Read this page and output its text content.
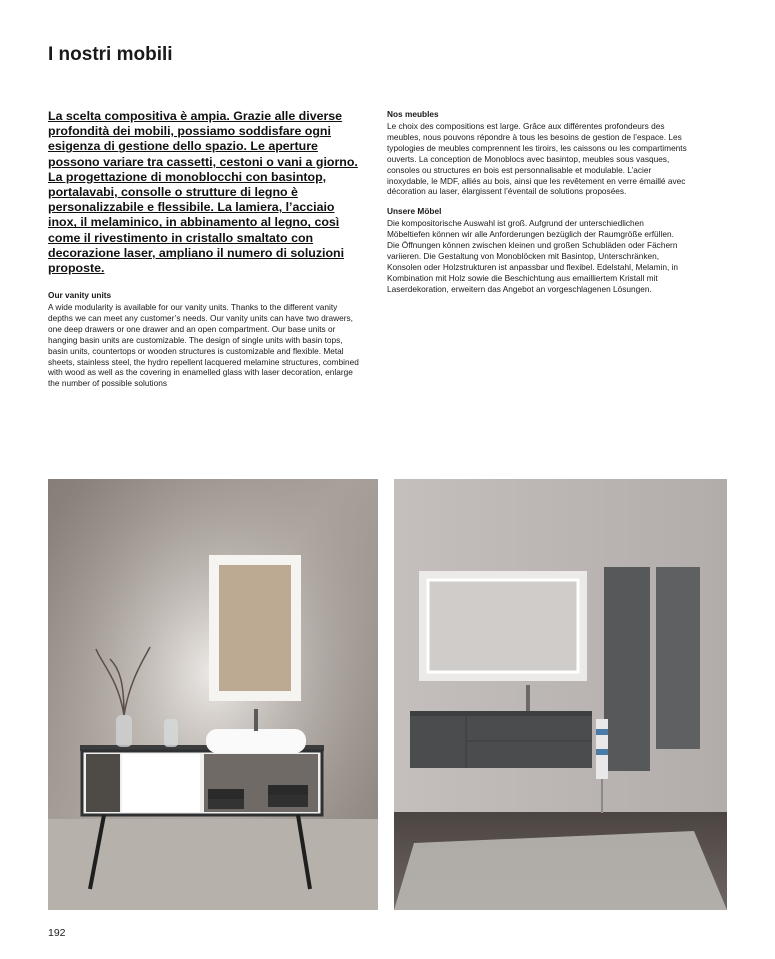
I nostri mobili

La scelta compositiva è ampia. Grazie alle diverse profondità dei mobili, possiamo soddisfare ogni esigenza di gestione dello spazio. Le aperture possono variare tra cassetti, cestoni o vani a giorno. La progettazione di monoblocchi con basintop, portalavabi, consolle o strutture di legno è personalizzabile e flessibile. La lamiera, l’acciaio inox, il melaminico, in abbinamento al legno, così come il rivestimento in cristallo smaltato con decorazione laser, ampliano il numero di soluzioni proposte.

Our vanity units

A wide modularity is available for our vanity units. Thanks to the different vanity depths we can meet any customer’s needs. Our vanity units can have two drawers, one deep drawers or one drawer and an open compartment. Our base units or hanging basin units are customizable. The design of single units with basin tops, basin units, countertops or wooden structures is customizable and flexible. Metal sheets, stainless steel, the hydro repellent lacquered melamine structures, combined with wood as well as the covering in enamelled glass with laser decoration, enlarge the number of possible solutions

Nos meubles

Le choix des compositions est large. Grâce aux différentes profondeurs des meubles, nous pouvons répondre à tous les besoins de gestion de l’espace. Les typologies de meubles comprennent les tiroirs, les caissons ou les compartiments ouverts. La conception de Monoblocs avec basintop, meubles sous vasques, consoles ou structures en bois est personnalisable et modulable. L’acier inoxydable, le MDF, alliés au bois, ainsi que les revêtement en verre émaillé avec décoration au laser, élargissent l’éventail de solutions proposées.

Unsere Möbel

Die kompositorische Auswahl ist groß. Aufgrund der unterschiedlichen Möbeltiefen können wir alle Anforderungen bezüglich der Raumgröße erfüllen. Die Öffnungen können zwischen kleinen und großen Schubläden oder Fächern variieren. Die Gestaltung von Monoblöcken mit Basintop, Unterschränken, Konsolen oder Holzstrukturen ist anpassbar und flexibel. Edelstahl, Melamin, in Kombination mit Holz sowie die Beschichtung aus emailliertem Kristall mit Laserdekoration, erweitern das Angebot an vorgeschlagenen Lösungen.

192
